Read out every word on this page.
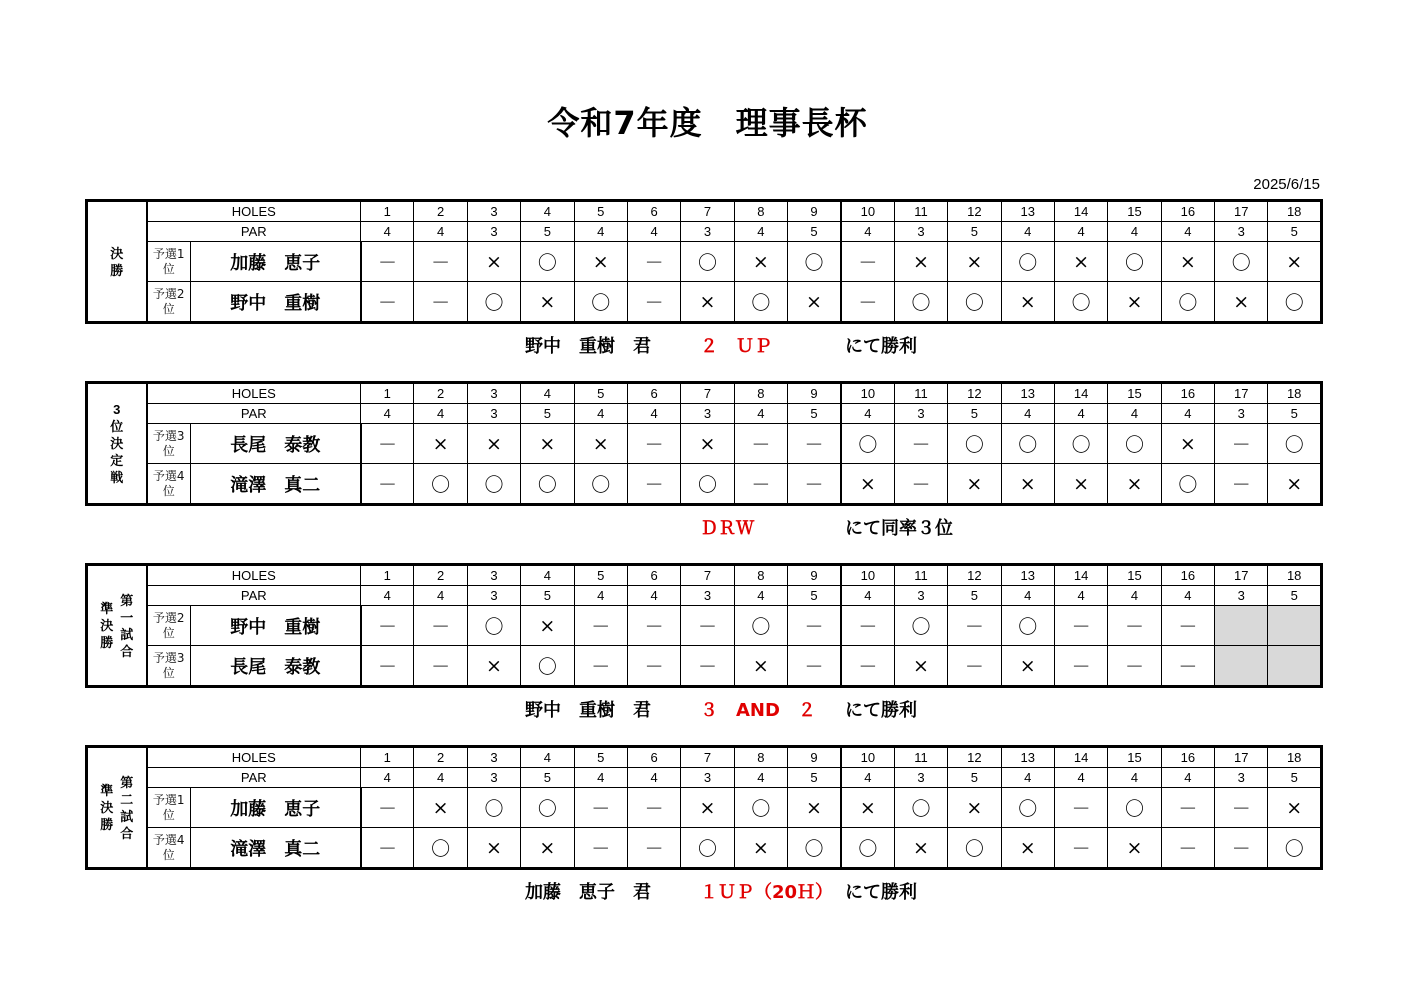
令和7年度　理事長杯
2025/6/15
決勝	HOLES		1	2	3	4	5	6	7	8	9	10	11	12	13	14	15	16	17	18
	PAR		4	4	3	5	4	4	3	4	5	4	3	5	4	4	4	4	3	5
	予選1位	加藤　恵子	－	－	×	〇	×	－	〇	×	〇	－	×	×	〇	×	〇	×	〇	×
	予選2位	野中　重樹	－	－	〇	×	〇	－	×	〇	×	－	〇	〇	×	〇	×	〇	×	〇
野中　重樹　君	２　ＵＰ	にて勝利
3位決定戦	HOLES		1	2	3	4	5	6	7	8	9	10	11	12	13	14	15	16	17	18
	PAR		4	4	3	5	4	4	3	4	5	4	3	5	4	4	4	4	3	5
	予選3位	長尾　泰教	－	×	×	×	×	－	×	－	－	〇	－	〇	〇	〇	〇	×	－	〇
	予選4位	滝澤　真二	－	〇	〇	〇	〇	－	〇	－	－	×	－	×	×	×	×	〇	－	×
ＤＲＷ	にて同率３位
第一試合
準決勝	HOLES		1	2	3	4	5	6	7	8	9	10	11	12	13	14	15	16	17	18
	PAR		4	4	3	5	4	4	3	4	5	4	3	5	4	4	4	4	3	5
	予選2位	野中　重樹	－	－	〇	×	－	－	－	〇	－	－	〇	－	〇	－	－	－		
	予選3位	長尾　泰教	－	－	×	〇	－	－	－	×	－	－	×	－	×	－	－	－		
野中　重樹　君	３　AND　２ にて勝利
第二試合
準決勝	HOLES		1	2	3	4	5	6	7	8	9	10	11	12	13	14	15	16	17	18
	PAR		4	4	3	5	4	4	3	4	5	4	3	5	4	4	4	4	3	5
	予選1位	加藤　恵子	－	×	〇	〇	－	－	×	〇	×	×	〇	×	〇	－	〇	－	－	×
	予選4位	滝澤　真二	－	〇	×	×	－	－	〇	×	〇	〇	×	〇	×	－	×	－	－	〇
加藤　恵子　君	１ＵＰ（20Ｈ） にて勝利
